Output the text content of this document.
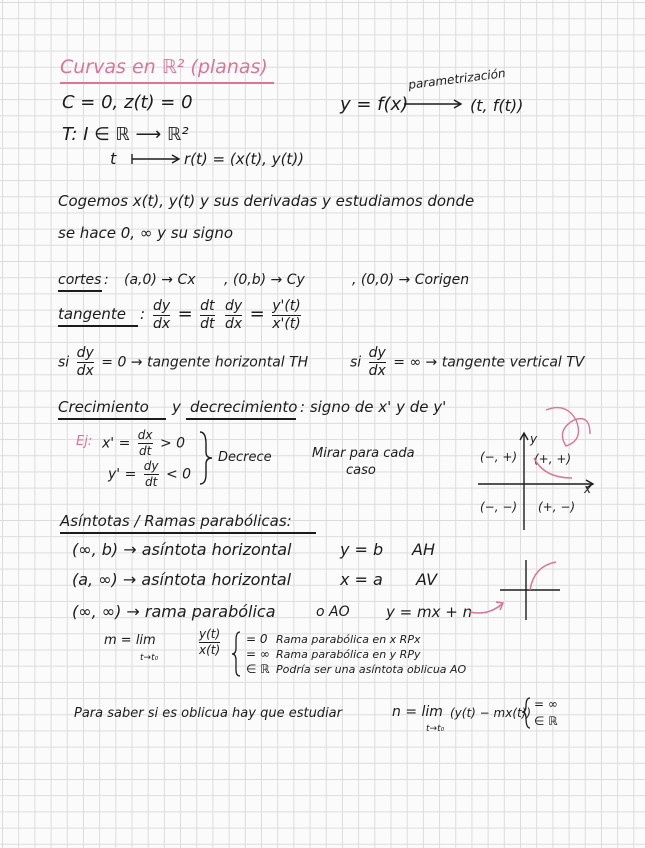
Curvas en ℝ² (planas)
C = 0, z(t) = 0	y = f(x)
parametrización
(t, f(t))
T: I ∈ ℝ ⟶ ℝ²
t	r(t) = (x(t), y(t))
Cogemos x(t), y(t) y sus derivadas y estudiamos donde
se hace 0, ∞ y su signo
cortes : (a,0) → Cx , (0,b) → Cy	, (0,0) → Corigen
tangente : $\frac{dy}{dx} = \frac{dt}{dt}$
$\frac{dy}{dx} = \frac{y'(t)}{x'(t)}$
si $\frac{dy}{dx} = 0$ → tangente horizontal TH	si $\frac{dy}{dx}$ = ∞ → tangente vertical TV
Crecimiento y decrecimiento : signo de x' y de y'
Ej: $x' = \frac{dx}{dt} > 0$
$y' = \frac{dy}{dt} < 0$
Decrece	Mirar para cada
caso
y
x
(+, +)
(−, +)
(−, −) (+, −)
Asíntotas / Ramas parabólicas:
(∞, b) → asíntota horizontal	y = b AH
(a, ∞) → asíntota horizontal	x = a AV
(∞, ∞) → rama parabólica	o AO y = mx + n
m = lim
t→t₀
$\frac{y(t)}{x(t)} = 0$
= ∞
∈ ℝ
Rama parabólica en x RPx
Rama parabólica en y RPy
Podría ser una asíntota oblicua AO
Para saber si es oblicua hay que estudiar	n = lim
t→t₀
(y(t) − mx(t))
= ∞
∈ ℝ
